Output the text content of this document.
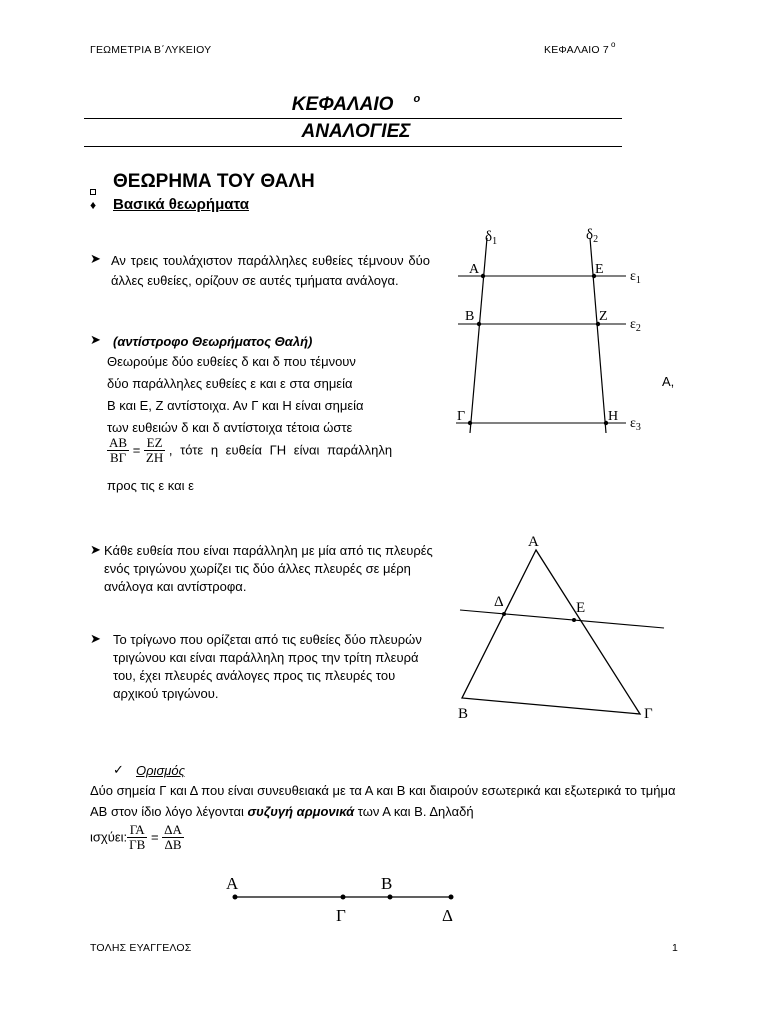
ΓΕΩΜΕΤΡΙΑ Β΄ΛΥΚΕΙΟΥ	ΚΕΦΑΛΑΙΟ 7 $^o$
ΚΕΦΑΛΑΙΟ $^o$
ΑΝΑΛΟΓΙΕΣ
ΘΕΩΡΗΜΑ ΤΟΥ ΘΑΛΗ
♦ Βασικά θεωρήματα
➤ Αν τρεις τουλάχιστον παράλληλες ευθείες τέμνουν δύο άλλες ευθείες, ορίζουν σε αυτές τμήματα ανάλογα.
➤ (αντίστροφο Θεωρήματος Θαλή)
Θεωρούμε δύο ευθείες δ και δ που τέμνουν
δύο παράλληλες ευθείες ε και ε στα σημεία
Β και Ε, Ζ αντίστοιχα. Αν Γ και Η είναι σημεία
των ευθειών δ και δ αντίστοιχα τέτοια ώστε
$\frac{AB}{B\Gamma} = \frac{EZ}{ZH}$ , τότε η ευθεία ΓΗ είναι παράλληλη
προς τις ε και ε
Α,
➤ Κάθε ευθεία που είναι παράλληλη με μία από τις πλευρές ενός τριγώνου χωρίζει τις δύο άλλες πλευρές σε μέρη ανάλογα και αντίστροφα.
➤ Το τρίγωνο που ορίζεται από τις ευθείες δύο πλευρών τριγώνου και είναι παράλληλη προς την τρίτη πλευρά του, έχει πλευρές ανάλογες προς τις πλευρές του αρχικού τριγώνου.
✓ Ορισμός
Δύο σημεία Γ και Δ που είναι συνευθειακά με τα Α και Β και διαιρούν εσωτερικά και εξωτερικά το τμήμα ΑΒ στον ίδιο λόγο λέγονται συζυγή αρμονικά των Α και Β. Δηλαδή
ισχύει: $\frac{\Gamma A}{\Gamma B} = \frac{\Delta A}{\Delta B}$
$\delta_1$	$\delta_2$
$\varepsilon_1$
$\varepsilon_2$
$\varepsilon_3$
Α	Ε
Β	Ζ
Γ	Η
Α
Β	Γ
Δ	Ε
Α	Β
Γ	Δ
ΤΟΛΗΣ ΕΥΑΓΓΕΛΟΣ	1
